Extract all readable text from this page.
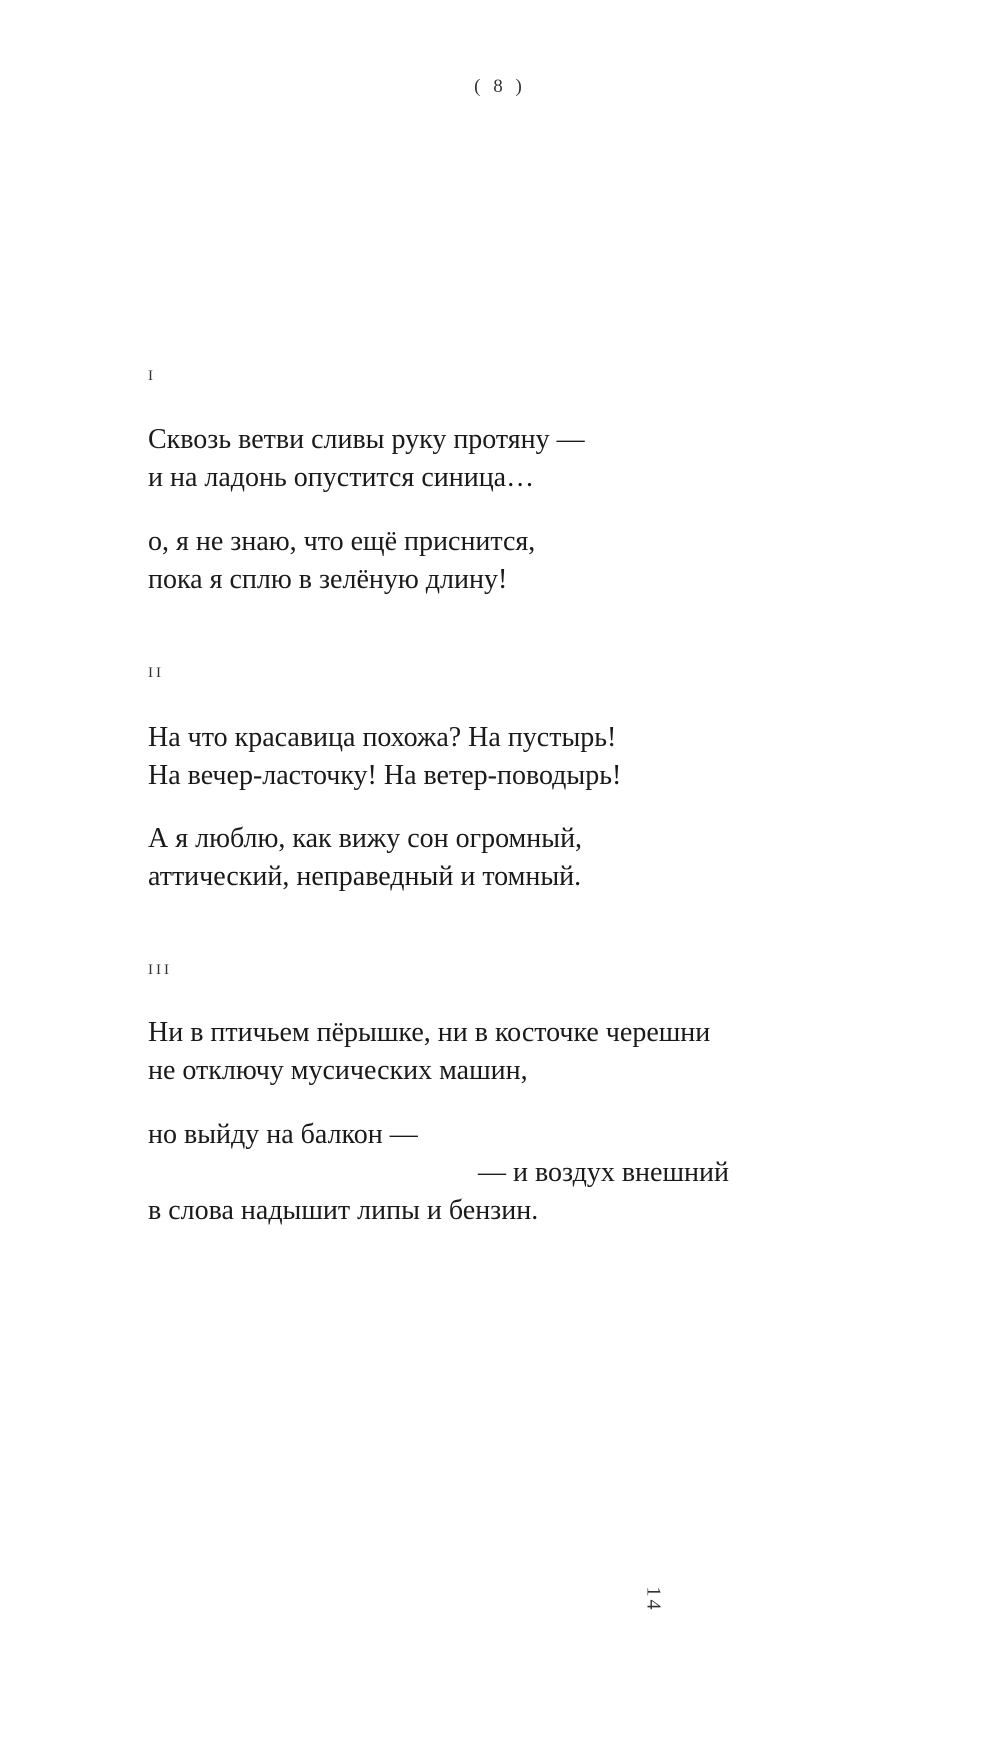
( 8 )
I
Сквозь ветви сливы руку протяну —
и на ладонь опустится синица…
о, я не знаю, что ещё приснится,
пока я сплю в зелёную длину!
II
На что красавица похожа? На пустырь!
На вечер-ласточку! На ветер-поводырь!
А я люблю, как вижу сон огромный,
аттический, неправедный и томный.
III
Ни в птичьем пёрышке, ни в косточке черешни
не отключу мусических машин,
но выйду на балкон —
— и воздух внешний
в слова надышит липы и бензин.
14
